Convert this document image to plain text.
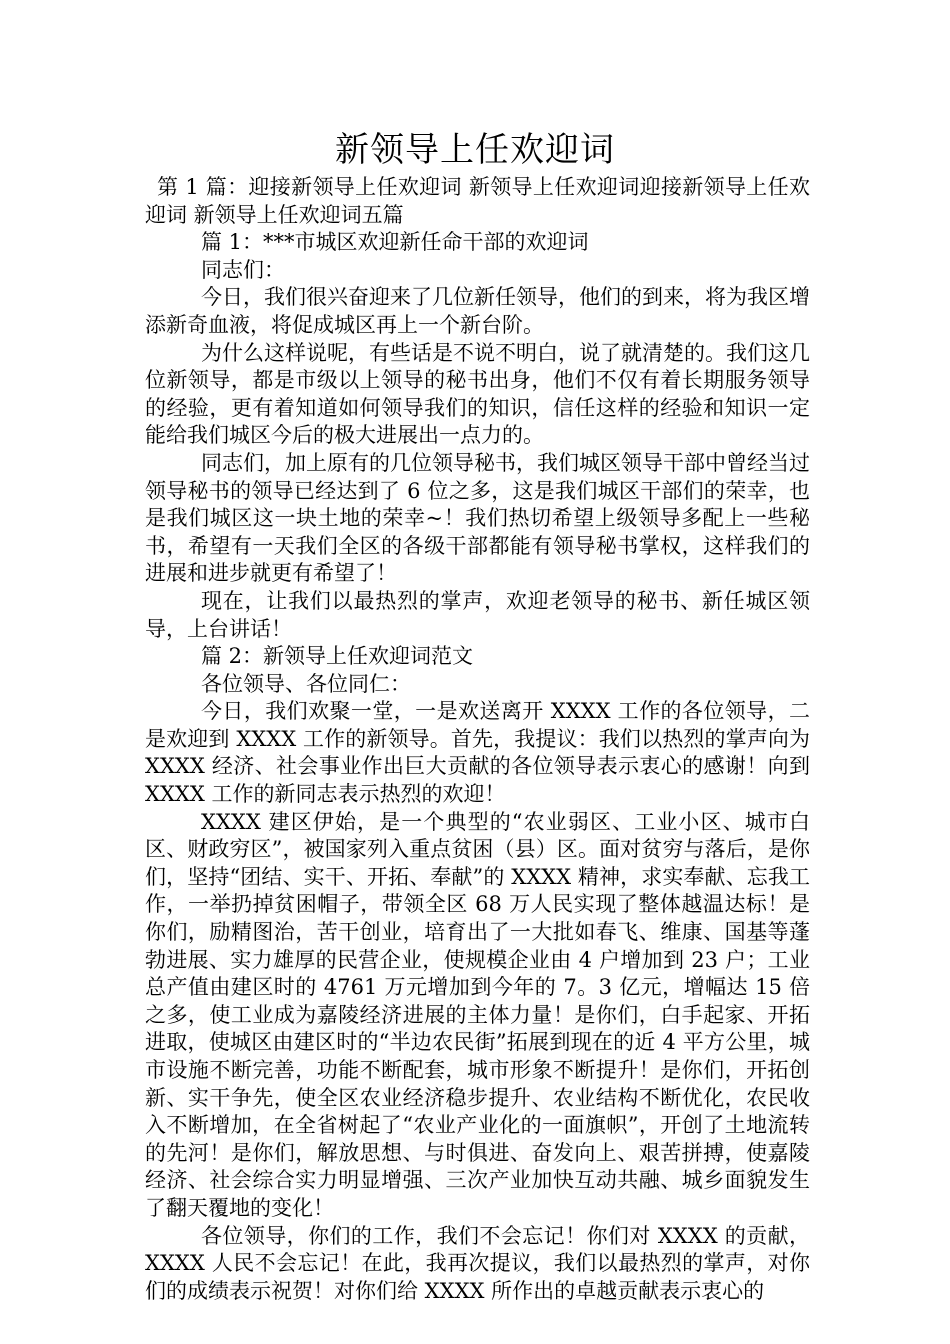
新领导上任欢迎词

第 1 篇：迎接新领导上任欢迎词 新领导上任欢迎词迎接新领导上任欢迎词 新领导上任欢迎词五篇

篇 1：***市城区欢迎新任命干部的欢迎词

同志们：

今日，我们很兴奋迎来了几位新任领导，他们的到来，将为我区增添新奇血液，将促成城区再上一个新台阶。

为什么这样说呢，有些话是不说不明白，说了就清楚的。我们这几位新领导，都是市级以上领导的秘书出身，他们不仅有着长期服务领导的经验，更有着知道如何领导我们的知识，信任这样的经验和知识一定能给我们城区今后的极大进展出一点力的。

同志们，加上原有的几位领导秘书，我们城区领导干部中曾经当过领导秘书的领导已经达到了 6 位之多，这是我们城区干部们的荣幸，也是我们城区这一块土地的荣幸~！我们热切希望上级领导多配上一些秘书，希望有一天我们全区的各级干部都能有领导秘书掌权，这样我们的进展和进步就更有希望了！

现在，让我们以最热烈的掌声，欢迎老领导的秘书、新任城区领导，上台讲话！

篇 2：新领导上任欢迎词范文

各位领导、各位同仁：

今日，我们欢聚一堂，一是欢送离开 XXXX 工作的各位领导，二是欢迎到 XXXX 工作的新领导。首先，我提议：我们以热烈的掌声向为 XXXX 经济、社会事业作出巨大贡献的各位领导表示衷心的感谢！向到 XXXX 工作的新同志表示热烈的欢迎！

XXXX 建区伊始，是一个典型的“农业弱区、工业小区、城市白区、财政穷区”，被国家列入重点贫困（县）区。面对贫穷与落后，是你们，坚持“团结、实干、开拓、奉献”的 XXXX 精神，求实奉献、忘我工作，一举扔掉贫困帽子，带领全区 68 万人民实现了整体越温达标！是你们，励精图治，苦干创业，培育出了一大批如春飞、维康、国基等蓬勃进展、实力雄厚的民营企业，使规模企业由 4 户增加到 23 户；工业总产值由建区时的 4761 万元增加到今年的 7。3 亿元，增幅达 15 倍之多，使工业成为嘉陵经济进展的主体力量！是你们，白手起家、开拓进取，使城区由建区时的“半边农民街”拓展到现在的近 4 平方公里，城市设施不断完善，功能不断配套，城市形象不断提升！是你们，开拓创新、实干争先，使全区农业经济稳步提升、农业结构不断优化，农民收入不断增加，在全省树起了“农业产业化的一面旗帜”，开创了土地流转的先河！是你们，解放思想、与时俱进、奋发向上、艰苦拼搏，使嘉陵经济、社会综合实力明显增强、三次产业加快互动共融、城乡面貌发生了翻天覆地的变化！

各位领导，你们的工作，我们不会忘记！你们对 XXXX 的贡献，XXXX 人民不会忘记！在此，我再次提议，我们以最热烈的掌声，对你们的成绩表示祝贺！对你们给 XXXX 所作出的卓越贡献表示衷心的
